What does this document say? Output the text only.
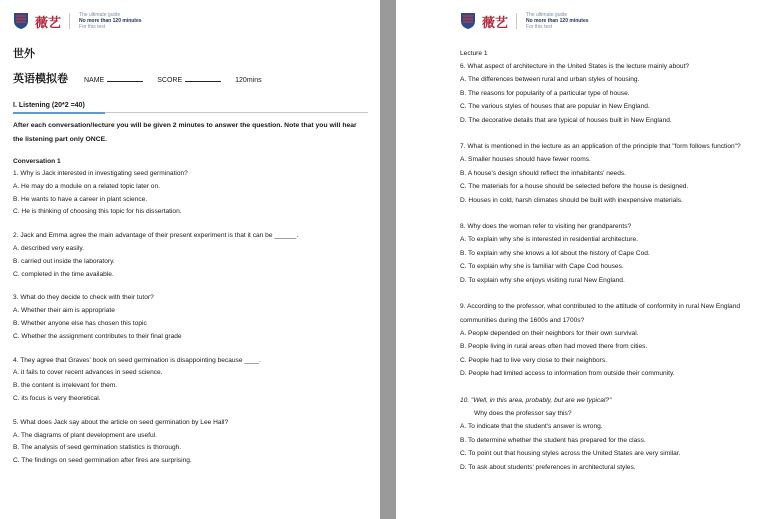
薇艺
The ultimate guide
No more than 120 minutes
For this test
世外
英语模拟卷 NAME	SCORE	120mins
I. Listening (20*2 =40)
After each conversation/lecture you will be given 2 minutes to answer the question. Note that you will hear the listening part only ONCE.
Conversation 1
1. Why is Jack interested in investigating seed germination?
A. He may do a module on a related topic later on.
B. He wants to have a career in plant science.
C. He is thinking of choosing this topic for his dissertation.
2. Jack and Emma agree the main advantage of their present experiment is that it can be ______.
A. described very easily.
B. carried out inside the laboratory.
C. completed in the time available.
3. What do they decide to check with their tutor?
A. Whether their aim is appropriate
B. Whether anyone else has chosen this topic
C. Whether the assignment contributes to their final grade
4. They agree that Graves' book on seed germination is disappointing because ____.
A. it fails to cover recent advances in seed science.
B. the content is irrelevant for them.
C. its focus is very theoretical.
5. What does Jack say about the article on seed germination by Lee Hall?
A. The diagrams of plant development are useful.
B. The analysis of seed germination statistics is thorough.
C. The findings on seed germination after fires are surprising.
薇艺
The ultimate guide
No more than 120 minutes
For this test
Lecture 1
6. What aspect of architecture in the United States is the lecture mainly about?
A. The differences between rural and urban styles of housing.
B. The reasons for popularity of a particular type of house.
C. The various styles of houses that are popular in New England.
D. The decorative details that are typical of houses built in New England.
7. What is mentioned in the lecture as an application of the principle that "form follows function"?
A. Smaller houses should have fewer rooms.
B. A house's design should reflect the inhabitants' needs.
C. The materials for a house should be selected before the house is designed.
D. Houses in cold, harsh climates should be built with inexpensive materials.
8. Why does the woman refer to visiting her grandparents?
A. To explain why she is interested in residential architecture.
B. To explain why she knows a lot about the history of Cape Cod.
C. To explain why she is familiar with Cape Cod houses.
D. To explain why she enjoys visiting rural New England.
9. According to the professor, what contributed to the attitude of conformity in rural New England communities during the 1600s and 1700s?
A. People depended on their neighbors for their own survival.
B. People living in rural areas often had moved there from cities.
C. People had to live very close to their neighbors.
D. People had limited access to information from outside their community.
10. "Well, in this area, probably, but are we typical?"
Why does the professor say this?
A. To indicate that the student's answer is wrong.
B. To determine whether the student has prepared for the class.
C. To point out that housing styles across the United States are very similar.
D. To ask about students' preferences in architectural styles.
